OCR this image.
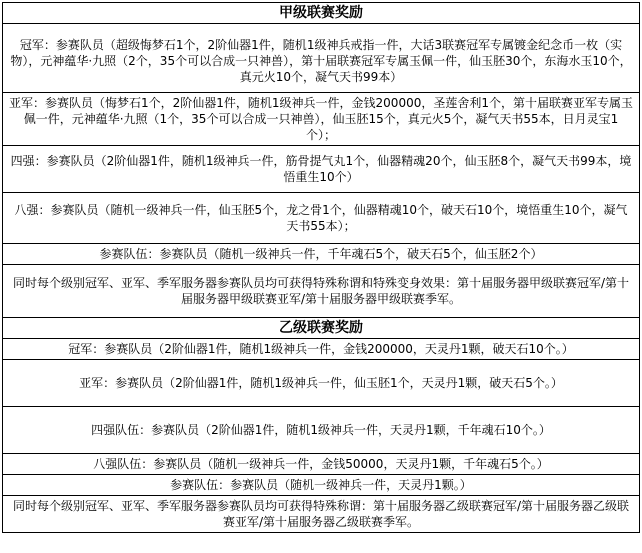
甲级联赛奖励
冠军：参赛队员（超级悔梦石1个，2阶仙器1件，随机1级神兵戒指一件，大话3联赛冠军专属镀金纪念币一枚（实物），元神蕴华·九照（2个，35个可以合成一只神兽），第十届联赛冠军专属玉佩一件，仙玉胚30个，东海水玉10个，真元火10个，凝气天书99本）
亚军：参赛队员（悔梦石1个，2阶仙器1件，随机1级神兵一件，金钱200000，圣莲舍利1个，第十届联赛亚军专属玉佩一件，元神蕴华·九照（1个，35个可以合成一只神兽），仙玉胚15个，真元火5个，凝气天书55本，日月灵宝1个）；
四强：参赛队员（2阶仙器1件，随机1级神兵一件，筋骨提气丸1个，仙器精魂20个，仙玉胚8个，凝气天书99本，境悟重生10个）
八强：参赛队员（随机一级神兵一件，仙玉胚5个，龙之骨1个，仙器精魂10个，破天石10个，境悟重生10个，凝气天书55本）；
参赛队伍：参赛队员（随机一级神兵一件，千年魂石5个，破天石5个，仙玉胚2个）
同时每个级别冠军、亚军、季军服务器参赛队员均可获得特殊称谓和特殊变身效果：第十届服务器甲级联赛冠军/第十届服务器甲级联赛亚军/第十届服务器甲级联赛季军。
乙级联赛奖励
冠军：参赛队员（2阶仙器1件，随机1级神兵一件，金钱200000，天灵丹1颗，破天石10个。）
亚军：参赛队员（2阶仙器1件，随机1级神兵一件，仙玉胚1个，天灵丹1颗，破天石5个。）
四强队伍：参赛队员（2阶仙器1件，随机1级神兵一件，天灵丹1颗，千年魂石10个。）
八强队伍：参赛队员（随机一级神兵一件，金钱50000，天灵丹1颗，千年魂石5个。）
参赛队伍：参赛队员（随机一级神兵一件，天灵丹1颗。）
同时每个级别冠军、亚军、季军服务器参赛队员均可获得特殊称谓：第十届服务器乙级联赛冠军/第十届服务器乙级联赛亚军/第十届服务器乙级联赛季军。
